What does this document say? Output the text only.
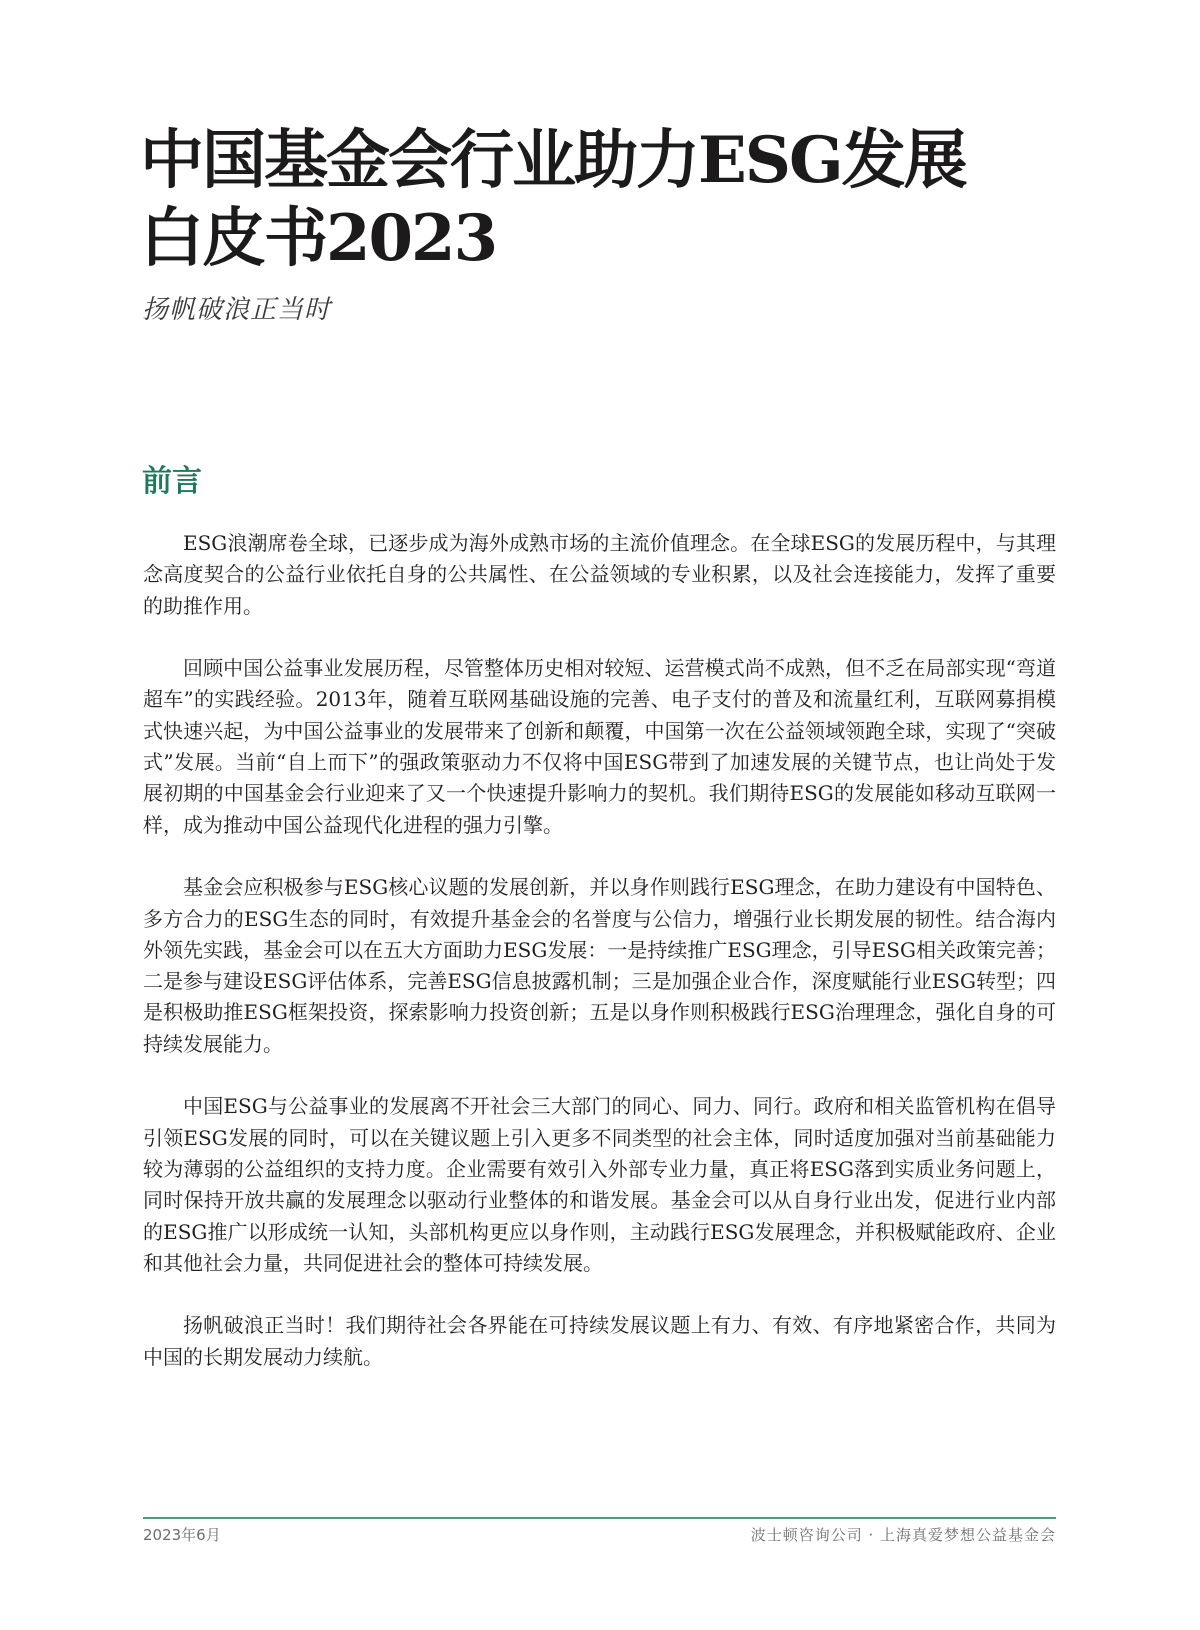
中国基金会行业助力ESG发展
白皮书2023

扬帆破浪正当时

前言

ESG浪潮席卷全球，已逐步成为海外成熟市场的主流价值理念。在全球ESG的发展历程中，与其理念高度契合的公益行业依托自身的公共属性、在公益领域的专业积累，以及社会连接能力，发挥了重要的助推作用。

回顾中国公益事业发展历程，尽管整体历史相对较短、运营模式尚不成熟，但不乏在局部实现“弯道超车”的实践经验。2013年，随着互联网基础设施的完善、电子支付的普及和流量红利，互联网募捐模式快速兴起，为中国公益事业的发展带来了创新和颠覆，中国第一次在公益领域领跑全球，实现了“突破式”发展。当前“自上而下”的强政策驱动力不仅将中国ESG带到了加速发展的关键节点，也让尚处于发展初期的中国基金会行业迎来了又一个快速提升影响力的契机。我们期待ESG的发展能如移动互联网一样，成为推动中国公益现代化进程的强力引擎。

基金会应积极参与ESG核心议题的发展创新，并以身作则践行ESG理念，在助力建设有中国特色、多方合力的ESG生态的同时，有效提升基金会的名誉度与公信力，增强行业长期发展的韧性。结合海内外领先实践，基金会可以在五大方面助力ESG发展：一是持续推广ESG理念，引导ESG相关政策完善；二是参与建设ESG评估体系，完善ESG信息披露机制；三是加强企业合作，深度赋能行业ESG转型；四是积极助推ESG框架投资，探索影响力投资创新；五是以身作则积极践行ESG治理理念，强化自身的可持续发展能力。

中国ESG与公益事业的发展离不开社会三大部门的同心、同力、同行。政府和相关监管机构在倡导引领ESG发展的同时，可以在关键议题上引入更多不同类型的社会主体，同时适度加强对当前基础能力较为薄弱的公益组织的支持力度。企业需要有效引入外部专业力量，真正将ESG落到实质业务问题上，同时保持开放共赢的发展理念以驱动行业整体的和谐发展。基金会可以从自身行业出发，促进行业内部的ESG推广以形成统一认知，头部机构更应以身作则，主动践行ESG发展理念，并积极赋能政府、企业和其他社会力量，共同促进社会的整体可持续发展。

扬帆破浪正当时！我们期待社会各界能在可持续发展议题上有力、有效、有序地紧密合作，共同为中国的长期发展动力续航。

2023年6月	波士顿咨询公司 · 上海真爱梦想公益基金会
